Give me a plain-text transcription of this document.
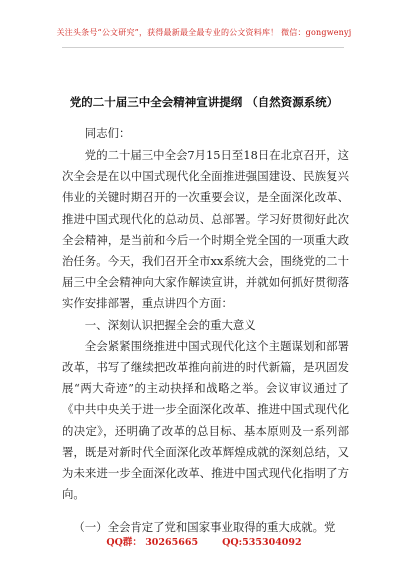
关注头条号“公文研究”，获得最新最全最专业的公文资料库！ 微信：gongwenyj
党的二十届三中全会精神宣讲提纲 （自然资源系统）

同志们：

党的二十届三中全会7月15日至18日在北京召开，这次全会是在以中国式现代化全面推进强国建设、民族复兴伟业的关键时期召开的一次重要会议，是全面深化改革、推进中国式现代化的总动员、总部署。学习好贯彻好此次全会精神，是当前和今后一个时期全党全国的一项重大政治任务。今天，我们召开全市xx系统大会，围绕党的二十届三中全会精神向大家作解读宣讲，并就如何抓好贯彻落实作安排部署，重点讲四个方面：

一、深刻认识把握全会的重大意义

全会紧紧围绕推进中国式现代化这个主题谋划和部署改革，书写了继续把改革推向前进的时代新篇，是巩固发展“两大奇迹”的主动抉择和战略之举。会议审议通过了《中共中央关于进一步全面深化改革、推进中国式现代化的决定》，还明确了改革的总目标、基本原则及一系列部署，既是对新时代全面深化改革辉煌成就的深刻总结，又为未来进一步全面深化改革、推进中国式现代化指明了方向。

（一）全会肯定了党和国家事业取得的重大成就。党

QQ群： 30265665	QQ:535304092
